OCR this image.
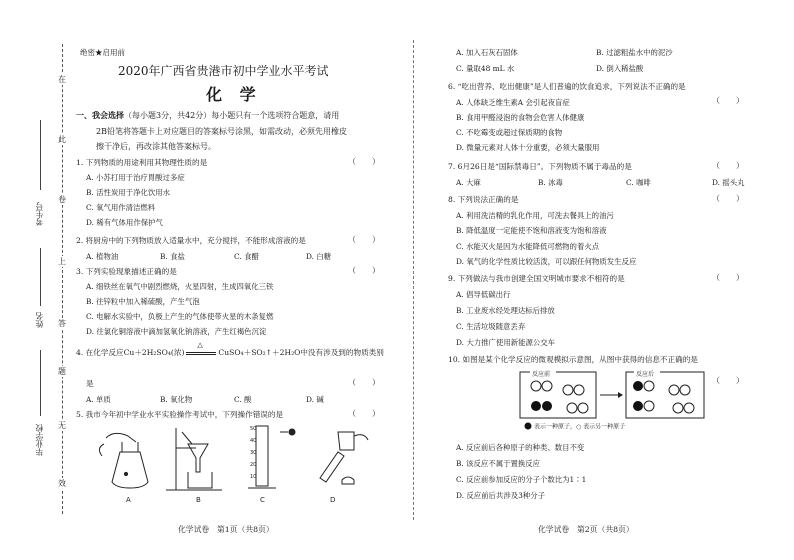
在
此
卷
上
答
题
无
效
考生号
姓名
毕业学校
绝密★启用前
2020年广西省贵港市初中学业水平考试
化 学
一、我会选择（每小题3分，共42分）每小题只有一个选项符合题意，请用
2B铅笔将答题卡上对应题目的答案标号涂黑，如需改动，必须先用橡皮
擦干净后，再改涂其他答案标号。
1. 下列物质的用途利用其物理性质的是	（　　）
A. 小苏打用于治疗胃酸过多症
B. 活性炭用于净化饮用水
C. 氧气用作清洁燃料
D. 稀有气体用作保护气
2. 将厨房中的下列物质放入适量水中，充分搅拌，不能形成溶液的是	（　　）
A. 植物油	B. 食盐	C. 食醋	D. 白糖
3. 下列实验现象描述正确的是	（　　）
A. 细铁丝在氧气中剧烈燃烧，火星四射，生成四氧化三铁
B. 往锌粒中加入稀硫酸，产生气泡
C. 电解水实验中，负极上产生的气体使带火星的木条复燃
D. 往氯化铜溶液中滴加氢氧化钠溶液，产生红褐色沉淀
4. 在化学反应Cu＋2H₂SO₄(浓)
△
CuSO₄＋SO₂↑＋2H₂O中没有涉及到的物质类别
是	（　　）
A. 单质	B. 氧化物	C. 酸	D. 碱
5. 我市今年初中学业水平实验操作考试中，下列操作错误的是	（　　）
50
40
30
20
10
A	B	C	D
化学试卷　第1页（共8页）
A. 加入石灰石固体	B. 过滤粗盐水中的泥沙
C. 量取48 mL 水	D. 倒入稀盐酸
6. “吃出营养、吃出健康”是人们普遍的饮食追求，下列说法不正确的是
A. 人体缺乏维生素A 会引起夜盲症	（　　）
B. 食用甲醛浸泡的食物会危害人体健康
C. 不吃霉变或超过保质期的食物
D. 微量元素对人体十分重要，必须大量服用
7. 6月26日是“国际禁毒日”。下列物质不属于毒品的是	（　　）
A. 大麻	B. 冰毒	C. 咖啡	D. 摇头丸
8. 下列说法正确的是	（　　）
A. 利用洗洁精的乳化作用，可洗去餐具上的油污
B. 降低温度一定能使不饱和溶液变为饱和溶液
C. 水能灭火是因为水能降低可燃物的着火点
D. 氧气的化学性质比较活泼，可以跟任何物质发生反应
9. 下列做法与我市创建全国文明城市要求不相符的是	（　　）
A. 倡导低碳出行
B. 工业废水经处理达标后排放
C. 生活垃圾随意丢弃
D. 大力推广使用新能源公交车
10. 如图是某个化学反应的微观模拟示意图，从图中获得的信息不正确的是
（　　）
反应前	反应后
表示一种原子，○ 表示另一种原子
A. 反应前后各种原子的种类、数目不变
B. 该反应不属于置换反应
C. 反应前参加反应的分子个数比为1∶1
D. 反应前后共涉及3种分子
化学试卷　第2页（共8页）
